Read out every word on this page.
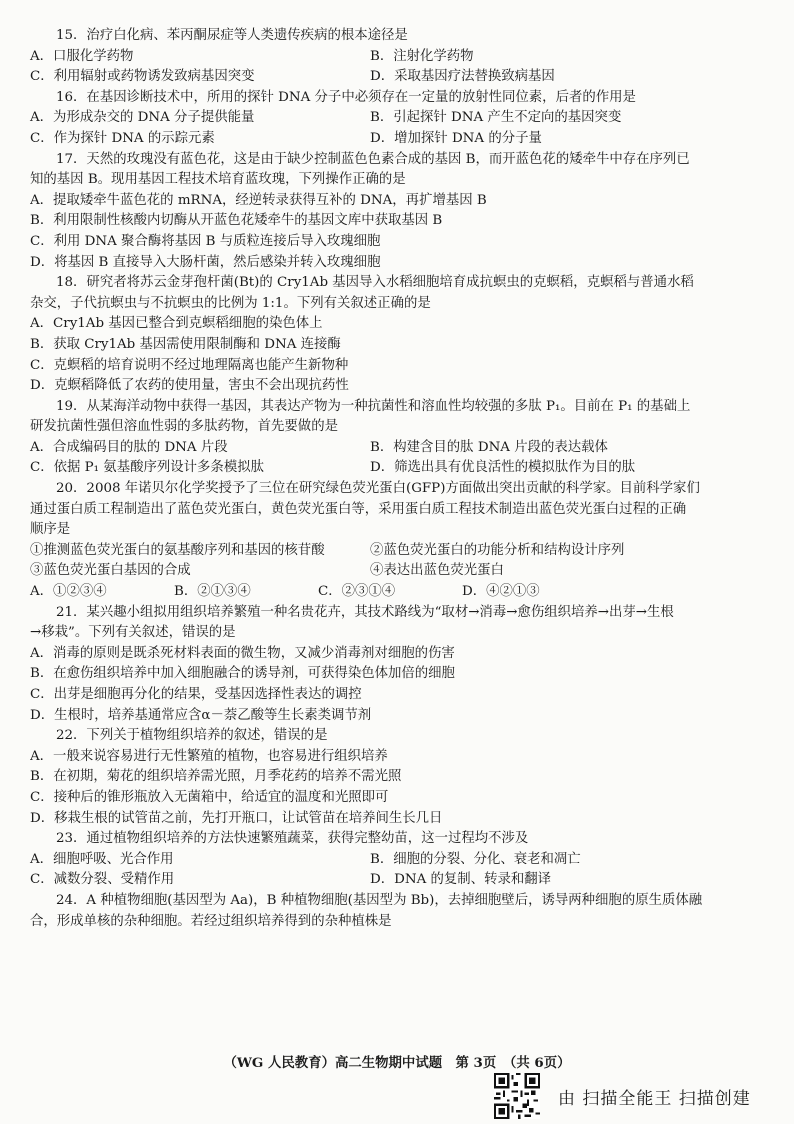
15．治疗白化病、苯丙酮尿症等人类遗传疾病的根本途径是
A．口服化学药物	B．注射化学药物
C．利用辐射或药物诱发致病基因突变	D．采取基因疗法替换致病基因
16．在基因诊断技术中，所用的探针 DNA 分子中必须存在一定量的放射性同位素，后者的作用是
A．为形成杂交的 DNA 分子提供能量	B．引起探针 DNA 产生不定向的基因突变
C．作为探针 DNA 的示踪元素	D．增加探针 DNA 的分子量
17．天然的玫瑰没有蓝色花，这是由于缺少控制蓝色色素合成的基因 B，而开蓝色花的矮牵牛中存在序列已
知的基因 B。现用基因工程技术培育蓝玫瑰，下列操作正确的是
A．提取矮牵牛蓝色花的 mRNA，经逆转录获得互补的 DNA，再扩增基因 B
B．利用限制性核酸内切酶从开蓝色花矮牵牛的基因文库中获取基因 B
C．利用 DNA 聚合酶将基因 B 与质粒连接后导入玫瑰细胞
D．将基因 B 直接导入大肠杆菌，然后感染并转入玫瑰细胞
18．研究者将苏云金芽孢杆菌(Bt)的 Cry1Ab 基因导入水稻细胞培育成抗螟虫的克螟稻，克螟稻与普通水稻
杂交，子代抗螟虫与不抗螟虫的比例为 1:1。下列有关叙述正确的是
A．Cry1Ab 基因已整合到克螟稻细胞的染色体上
B．获取 Cry1Ab 基因需使用限制酶和 DNA 连接酶
C．克螟稻的培育说明不经过地理隔离也能产生新物种
D．克螟稻降低了农药的使用量，害虫不会出现抗药性
19．从某海洋动物中获得一基因，其表达产物为一种抗菌性和溶血性均较强的多肽 P₁。目前在 P₁ 的基础上
研发抗菌性强但溶血性弱的多肽药物，首先要做的是
A．合成编码目的肽的 DNA 片段	B．构建含目的肽 DNA 片段的表达载体
C．依据 P₁ 氨基酸序列设计多条模拟肽	D．筛选出具有优良活性的模拟肽作为目的肽
20．2008 年诺贝尔化学奖授予了三位在研究绿色荧光蛋白(GFP)方面做出突出贡献的科学家。目前科学家们
通过蛋白质工程制造出了蓝色荧光蛋白，黄色荧光蛋白等，采用蛋白质工程技术制造出蓝色荧光蛋白过程的正确
顺序是
①推测蓝色荧光蛋白的氨基酸序列和基因的核苷酸	②蓝色荧光蛋白的功能分析和结构设计序列
③蓝色荧光蛋白基因的合成	④表达出蓝色荧光蛋白
A．①②③④	B．②①③④	C．②③①④	D．④②①③
21．某兴趣小组拟用组织培养繁殖一种名贵花卉，其技术路线为“取材→消毒→愈伤组织培养→出芽→生根
→移栽”。下列有关叙述，错误的是
A．消毒的原则是既杀死材料表面的微生物，又减少消毒剂对细胞的伤害
B．在愈伤组织培养中加入细胞融合的诱导剂，可获得染色体加倍的细胞
C．出芽是细胞再分化的结果，受基因选择性表达的调控
D．生根时，培养基通常应含α－萘乙酸等生长素类调节剂
22．下列关于植物组织培养的叙述，错误的是
A．一般来说容易进行无性繁殖的植物，也容易进行组织培养
B．在初期，菊花的组织培养需光照，月季花药的培养不需光照
C．接种后的锥形瓶放入无菌箱中，给适宜的温度和光照即可
D．移栽生根的试管苗之前，先打开瓶口，让试管苗在培养间生长几日
23．通过植物组织培养的方法快速繁殖蔬菜，获得完整幼苗，这一过程均不涉及
A．细胞呼吸、光合作用	B．细胞的分裂、分化、衰老和凋亡
C．减数分裂、受精作用	D．DNA 的复制、转录和翻译
24．A 种植物细胞(基因型为 Aa)，B 种植物细胞(基因型为 Bb)，去掉细胞壁后，诱导两种细胞的原生质体融
合，形成单核的杂种细胞。若经过组织培养得到的杂种植株是
（WG 人民教育）高二生物期中试题　第 3页　（共 6页）
由 扫描全能王 扫描创建
